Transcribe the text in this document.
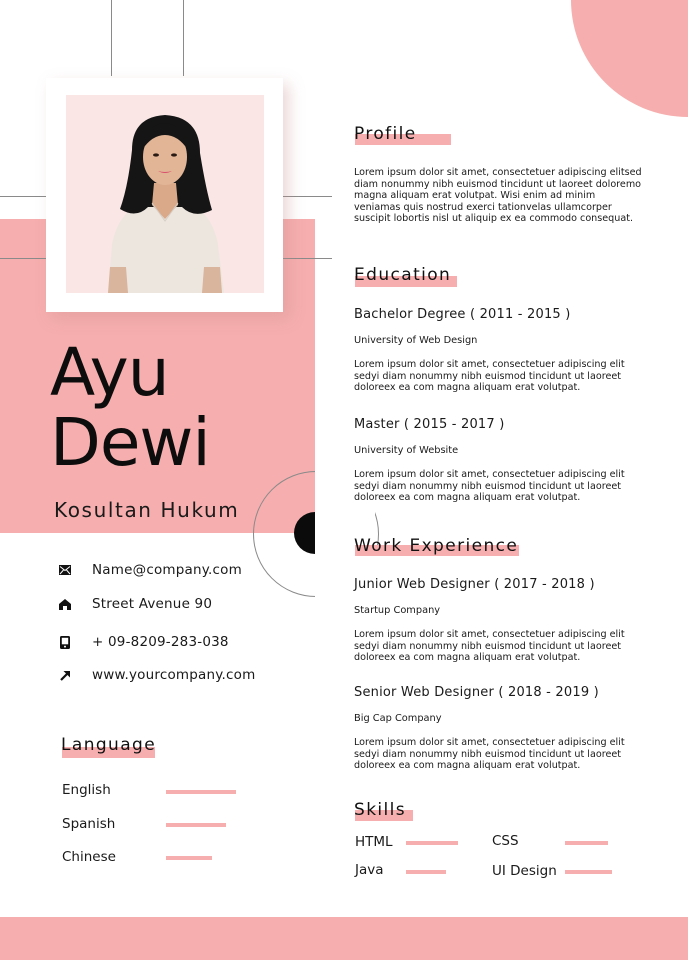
Ayu
Dewi
Kosultan Hukum
Name@company.com
Street Avenue 90
+ 09-8209-283-038
www.yourcompany.com
Language
English
Spanish
Chinese
Profile
Lorem ipsum dolor sit amet, consectetuer adipiscing elitsed diam nonummy nibh euismod tincidunt ut laoreet doloremo magna aliquam erat volutpat. Wisi enim ad minim veniamas quis nostrud exerci tationvelas ullamcorper suscipit lobortis nisl ut aliquip ex ea commodo consequat.
Education
Bachelor Degree ( 2011 - 2015 )
University of Web Design
Lorem ipsum dolor sit amet, consectetuer adipiscing elit sedyi diam nonummy nibh euismod tincidunt ut laoreet doloreex ea com magna aliquam erat volutpat.
Master ( 2015 - 2017 )
University of Website
Lorem ipsum dolor sit amet, consectetuer adipiscing elit sedyi diam nonummy nibh euismod tincidunt ut laoreet doloreex ea com magna aliquam erat volutpat.
Work Experience
Junior Web Designer ( 2017 - 2018 )
Startup Company
Lorem ipsum dolor sit amet, consectetuer adipiscing elit sedyi diam nonummy nibh euismod tincidunt ut laoreet doloreex ea com magna aliquam erat volutpat.
Senior Web Designer ( 2018 - 2019 )
Big Cap Company
Lorem ipsum dolor sit amet, consectetuer adipiscing elit sedyi diam nonummy nibh euismod tincidunt ut laoreet doloreex ea com magna aliquam erat volutpat.
Skills
HTML	CSS
Java	UI Design
